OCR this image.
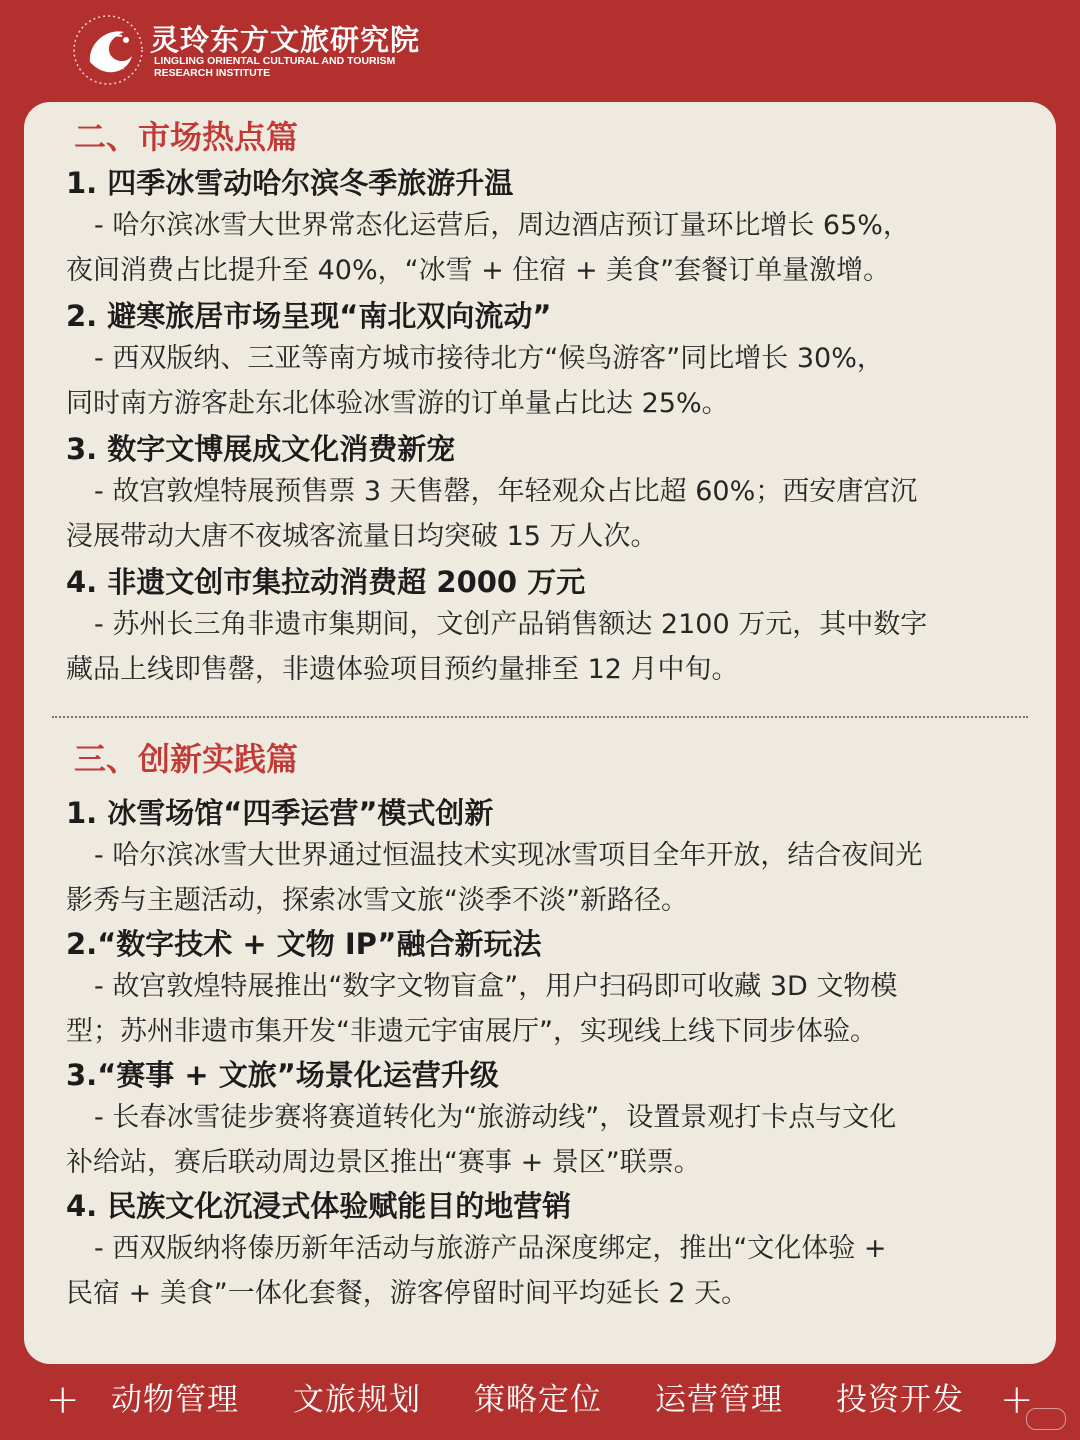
灵玲东方文旅研究院
LINGLING ORIENTAL CULTURAL AND TOURISM
RESEARCH INSTITUTE
二、市场热点篇
1. 四季冰雪动哈尔滨冬季旅游升温

- 哈尔滨冰雪大世界常态化运营后，周边酒店预订量环比增长 65%，
夜间消费占比提升至 40%，“冰雪 + 住宿 + 美食”套餐订单量激增。

2. 避寒旅居市场呈现“南北双向流动”

- 西双版纳、三亚等南方城市接待北方“候鸟游客”同比增长 30%，
同时南方游客赴东北体验冰雪游的订单量占比达 25%。

3. 数字文博展成文化消费新宠

- 故宫敦煌特展预售票 3 天售罄，年轻观众占比超 60%；西安唐宫沉
浸展带动大唐不夜城客流量日均突破 15 万人次。

4. 非遗文创市集拉动消费超 2000 万元

- 苏州长三角非遗市集期间，文创产品销售额达 2100 万元，其中数字
藏品上线即售罄，非遗体验项目预约量排至 12 月中旬。

三、创新实践篇
1. 冰雪场馆“四季运营”模式创新

- 哈尔滨冰雪大世界通过恒温技术实现冰雪项目全年开放，结合夜间光
影秀与主题活动，探索冰雪文旅“淡季不淡”新路径。

2.“数字技术 + 文物 IP”融合新玩法

- 故宫敦煌特展推出“数字文物盲盒”，用户扫码即可收藏 3D 文物模
型；苏州非遗市集开发“非遗元宇宙展厅”，实现线上线下同步体验。

3.“赛事 + 文旅”场景化运营升级

- 长春冰雪徒步赛将赛道转化为“旅游动线”，设置景观打卡点与文化
补给站，赛后联动周边景区推出“赛事 + 景区”联票。

4. 民族文化沉浸式体验赋能目的地营销

- 西双版纳将傣历新年活动与旅游产品深度绑定，推出“文化体验 +
民宿 + 美食”一体化套餐，游客停留时间平均延长 2 天。

+ 动物管理 文旅规划 策略定位 运营管理 投资开发 +
